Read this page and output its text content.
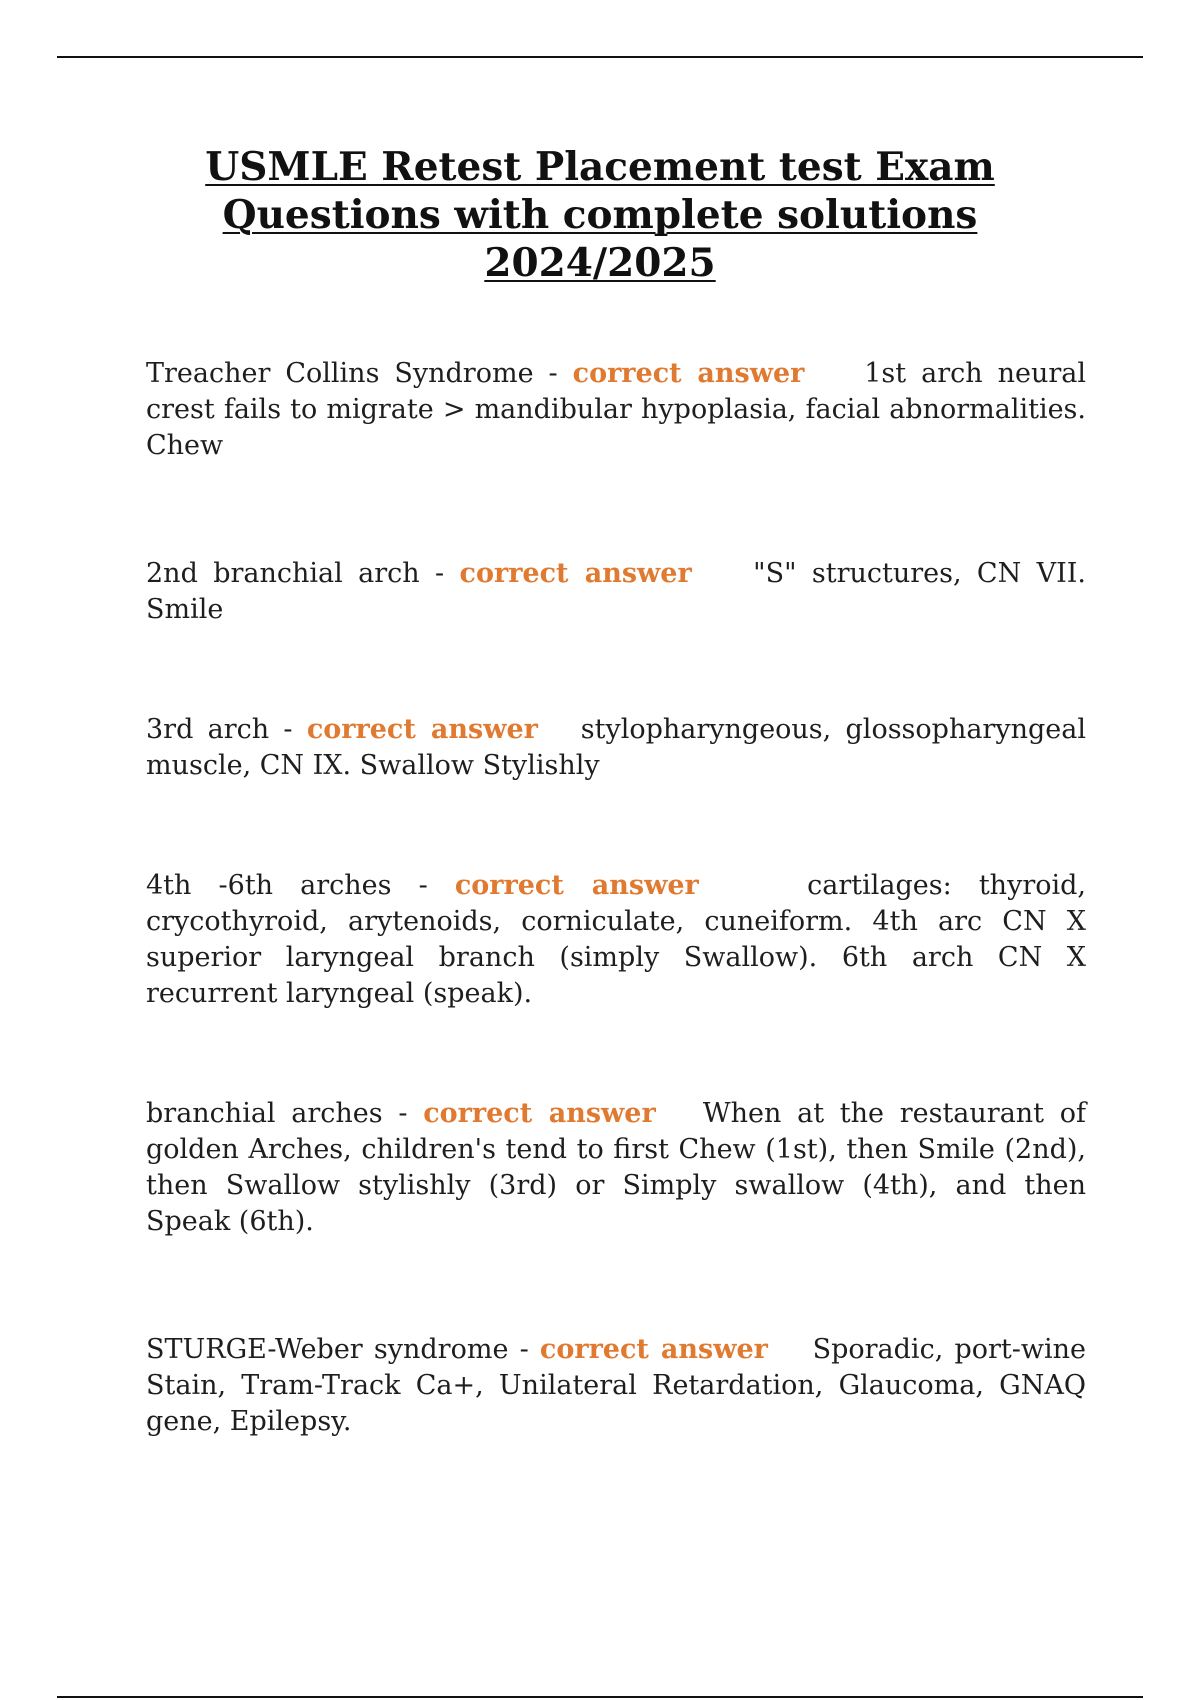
USMLE Retest Placement test Exam
Questions with complete solutions
2024/2025

Treacher Collins Syndrome - correct answer 1st arch neural crest fails to migrate > mandibular hypoplasia, facial abnormalities. Chew

2nd branchial arch - correct answer "S" structures, CN VII. Smile

3rd arch - correct answer stylopharyngeous, glossopharyngeal muscle, CN IX. Swallow Stylishly

4th -6th arches - correct answer	cartilages: thyroid, crycothyroid, arytenoids, corniculate, cuneiform. 4th arc CN X superior laryngeal branch (simply Swallow). 6th arch CN X recurrent laryngeal (speak).

branchial arches - correct answer When at the restaurant of golden Arches, children's tend to first Chew (1st), then Smile (2nd), then Swallow stylishly (3rd) or Simply swallow (4th), and then Speak (6th).

STURGE-Weber syndrome - correct answer Sporadic, port-wine Stain, Tram-Track Ca+, Unilateral Retardation, Glaucoma, GNAQ gene, Epilepsy.
